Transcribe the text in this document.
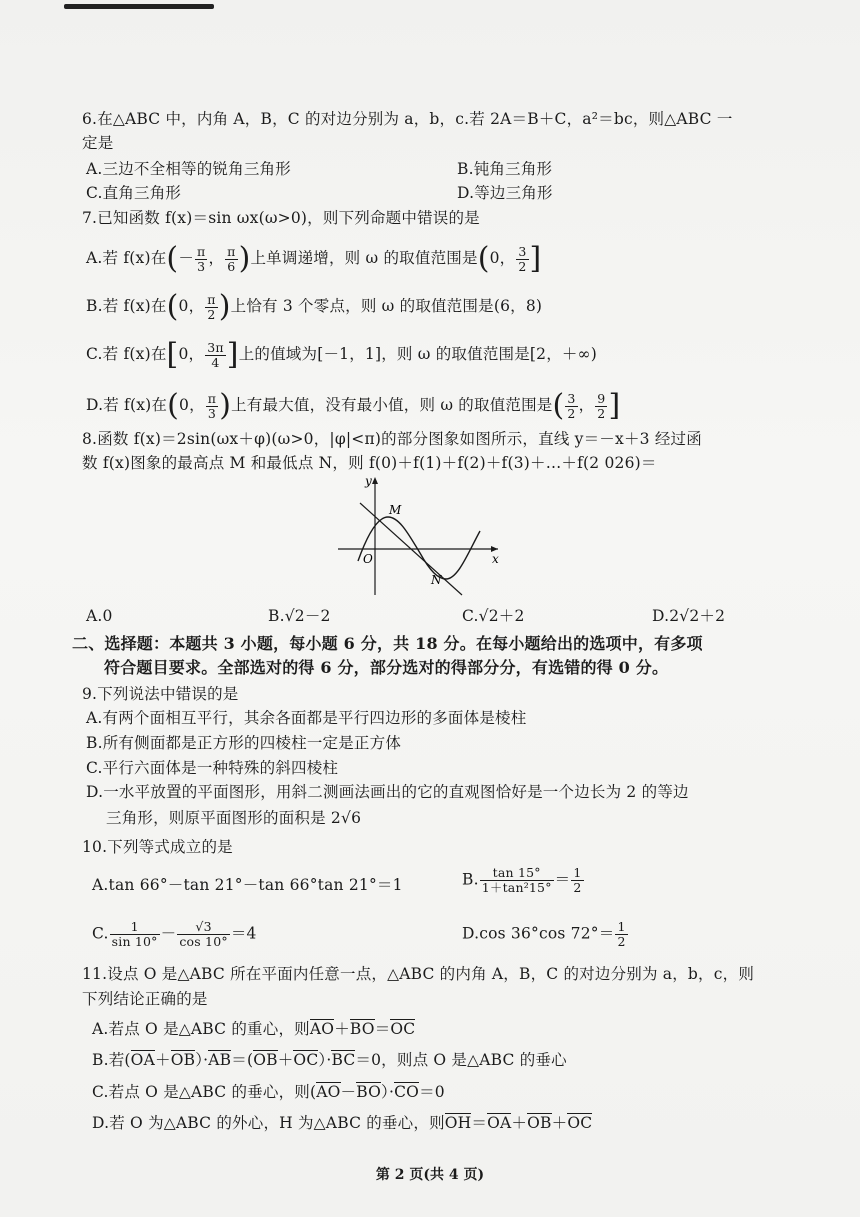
6.在△ABC 中，内角 A，B，C 的对边分别为 a，b，c.若 2A＝B＋C，a²＝bc，则△ABC 一
定是
A.三边不全相等的锐角三角形	B.钝角三角形
C.直角三角形	D.等边三角形
7.已知函数 f(x)＝sin ωx(ω>0)，则下列命题中错误的是
A.若 f(x)在(－ $\frac{\pi}{3}$ ， $\frac{\pi}{6}$ )上单调递增，则 ω 的取值范围是(0， $\frac{3}{2}$ ]
B.若 f(x)在(0， $\frac{\pi}{2}$ )上恰有 3 个零点，则 ω 的取值范围是(6，8)
C.若 f(x)在[0， $\frac{3\pi}{4}$ ]上的值域为[－1，1]，则 ω 的取值范围是[2，＋∞)
D.若 f(x)在(0， $\frac{\pi}{3}$ )上有最大值，没有最小值，则 ω 的取值范围是( $\frac{3}{2}$ ， $\frac{9}{2}$ ]
8.函数 f(x)＝2sin(ωx＋φ)(ω>0，|φ|<π)的部分图象如图所示，直线 y＝－x＋3 经过函
数 f(x)图象的最高点 M 和最低点 N，则 f(0)＋f(1)＋f(2)＋f(3)＋…＋f(2 026)＝
y
x
O
M
N
A.0	B.√2－2	C.√2＋2	D.2√2＋2
二、选择题：本题共 3 小题，每小题 6 分，共 18 分。在每小题给出的选项中，有多项
符合题目要求。全部选对的得 6 分，部分选对的得部分分，有选错的得 0 分。
9.下列说法中错误的是
A.有两个面相互平行，其余各面都是平行四边形的多面体是棱柱
B.所有侧面都是正方形的四棱柱一定是正方体
C.平行六面体是一种特殊的斜四棱柱
D.一水平放置的平面图形，用斜二测画法画出的它的直观图恰好是一个边长为 2 的等边
三角形，则原平面图形的面积是 2√6
10.下列等式成立的是
A.tan 66°－tan 21°－tan 66°tan 21°＝1	B. $\frac{\tan 15^\circ}{\text{1＋tan²15°}} = \frac{1}{2}$
C. $\frac{1}{\sin 10^\circ} - \frac{√3}{\cos 10^\circ} =4$	D.cos 36°cos $72^\circ= \frac{1}{2}$
11.设点 O 是△ABC 所在平面内任意一点，△ABC 的内角 A，B，C 的对边分别为 a，b，c，则
下列结论正确的是
A.若点 O 是△ABC 的重心，则AO＋BO＝OC
B.若(OA＋OB）·AB＝(OB＋OC）·BC＝0，则点 O 是△ABC 的垂心
C.若点 O 是△ABC 的垂心，则(AO－BO）·CO＝0
D.若 O 为△ABC 的外心，H 为△ABC 的垂心，则OH＝OA＋OB＋OC
第 2 页(共 4 页)
